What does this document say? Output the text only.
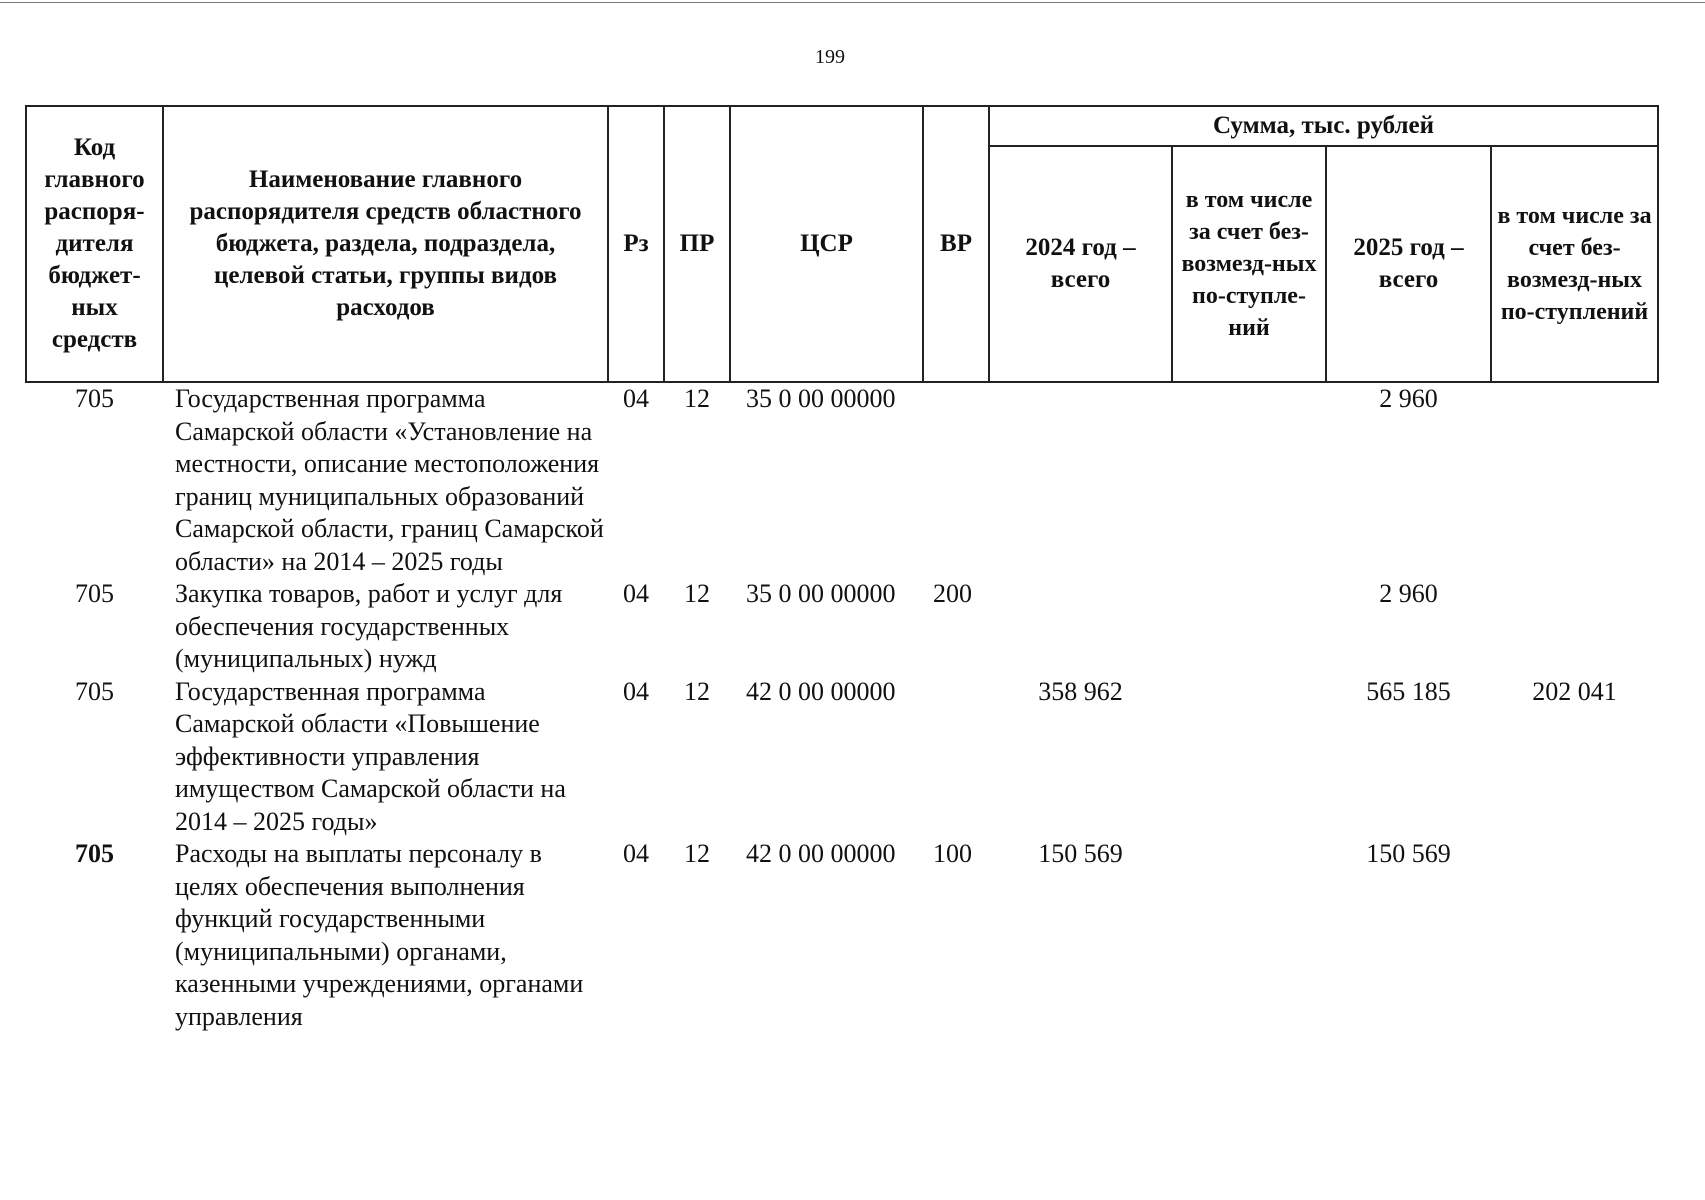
199
Код главного распоря-дителя бюджет-ных средств	Наименование главного распорядителя средств областного бюджета, раздела, подраздела, целевой статьи, группы видов расходов	Рз	ПР	ЦСР	ВР	Сумма, тыс. рублей			
						2024 год – всего	в том числе за счет без-возмезд-ных по-ступле-ний	2025 год – всего	в том числе за счет без-возмезд-ных по-ступлений
705	Государственная программа Самарской области «Установление на местности, описание местоположения границ муниципальных образований Самарской области, границ Самарской области» на 2014 – 2025 годы	04	12	35 0 00 00000				2 960	
705	Закупка товаров, работ и услуг для обеспечения государственных (муниципальных) нужд	04	12	35 0 00 00000	200			2 960	
705	Государственная программа Самарской области «Повышение эффективности управления имуществом Самарской области на 2014 – 2025 годы»	04	12	42 0 00 00000		358 962		565 185	202 041
705	Расходы на выплаты персоналу в целях обеспечения выполнения функций государственными (муниципальными) органами, казенными учреждениями, органами управления	04	12	42 0 00 00000	100	150 569		150 569	
